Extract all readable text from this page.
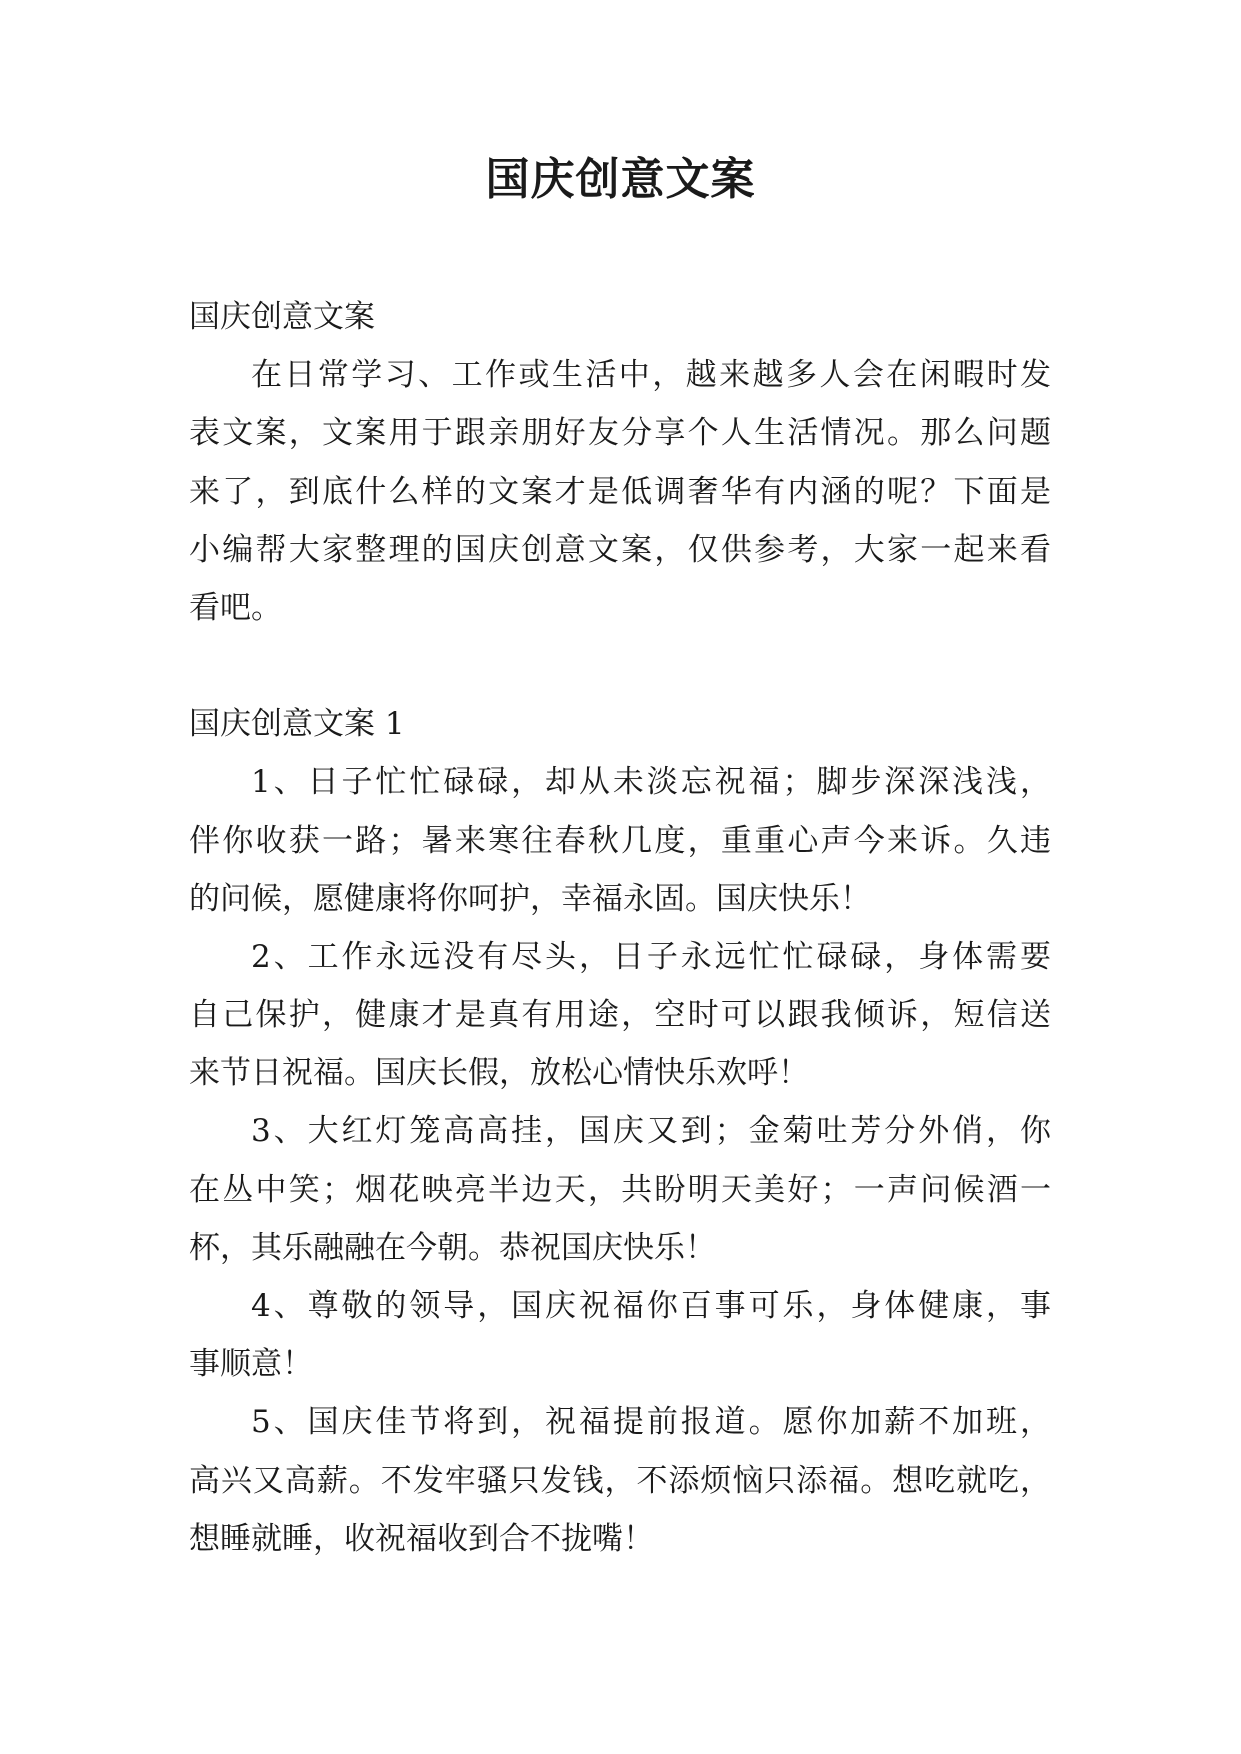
国庆创意文案

国庆创意文案

在日常学习、工作或生活中，越来越多人会在闲暇时发

表文案，文案用于跟亲朋好友分享个人生活情况。那么问题

来了，到底什么样的文案才是低调奢华有内涵的呢？下面是

小编帮大家整理的国庆创意文案，仅供参考，大家一起来看

看吧。

国庆创意文案 1

1、日子忙忙碌碌，却从未淡忘祝福；脚步深深浅浅，

伴你收获一路；暑来寒往春秋几度，重重心声今来诉。久违

的问候，愿健康将你呵护，幸福永固。国庆快乐！

2、工作永远没有尽头，日子永远忙忙碌碌，身体需要

自己保护，健康才是真有用途，空时可以跟我倾诉，短信送

来节日祝福。国庆长假，放松心情快乐欢呼！

3、大红灯笼高高挂，国庆又到；金菊吐芳分外俏，你

在丛中笑；烟花映亮半边天，共盼明天美好；一声问候酒一

杯，其乐融融在今朝。恭祝国庆快乐！

4、尊敬的领导，国庆祝福你百事可乐，身体健康，事

事顺意！

5、国庆佳节将到，祝福提前报道。愿你加薪不加班，

高兴又高薪。不发牢骚只发钱，不添烦恼只添福。想吃就吃，

想睡就睡，收祝福收到合不拢嘴！
